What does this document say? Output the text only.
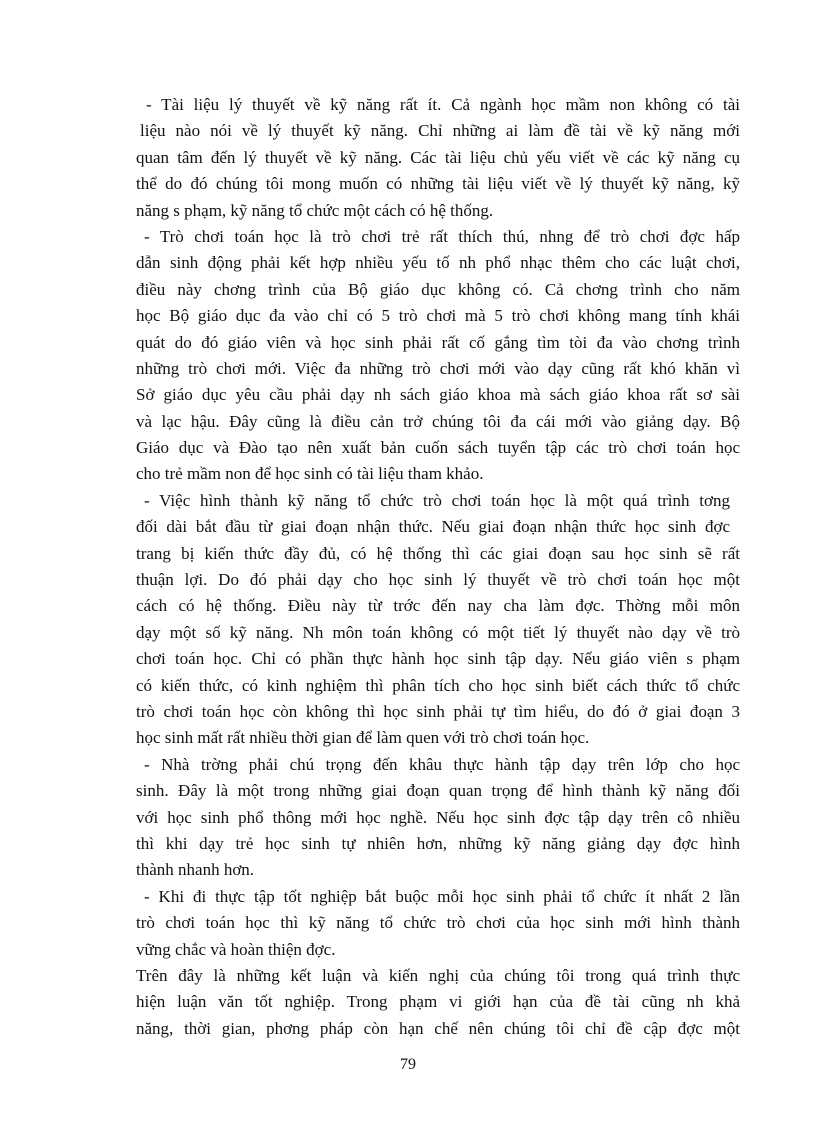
- Tài liệu lý thuyết về kỹ năng rất ít. Cả ngành học mầm non không có tài
liệu nào nói về lý thuyết kỹ năng. Chỉ những ai làm đề tài về kỹ năng mới
quan tâm đến lý thuyết về kỹ năng. Các tài liệu chủ yếu viết về các kỹ năng cụ
thể do đó chúng tôi mong muốn có những tài liệu viết về lý thuyết kỹ năng, kỹ
năng s phạm, kỹ năng tổ chức một cách có hệ thống.
- Trò chơi toán học là trò chơi trẻ rất thích thú, nhng để trò chơi đợc hấp
dẫn sinh động phải kết hợp nhiều yếu tố nh phổ nhạc thêm cho các luật chơi,
điều này chơng trình của Bộ giáo dục không có. Cả chơng trình cho năm
học Bộ giáo dục đa vào chỉ có 5 trò chơi mà 5 trò chơi không mang tính khái
quát do đó giáo viên và học sinh phải rất cố gắng tìm tòi đa vào chơng trình
những trò chơi mới. Việc đa những trò chơi mới vào dạy cũng rất khó khăn vì
Sở giáo dục yêu cầu phải dạy nh sách giáo khoa mà sách giáo khoa rất sơ sài
và lạc hậu. Đây cũng là điều cản trở chúng tôi đa cái mới vào giảng dạy. Bộ
Giáo dục và Đào tạo nên xuất bản cuốn sách tuyển tập các trò chơi toán học
cho trẻ mầm non để học sinh có tài liệu tham khảo.
- Việc hình thành kỹ năng tổ chức trò chơi toán học là một quá trình tơng
đối dài bắt đầu từ giai đoạn nhận thức. Nếu giai đoạn nhận thức học sinh đợc
trang bị kiến thức đầy đủ, có hệ thống thì các giai đoạn sau học sinh sẽ rất
thuận lợi. Do đó phải dạy cho học sinh lý thuyết về trò chơi toán học một
cách có hệ thống. Điều này từ trớc đến nay cha làm đợc. Thờng mỗi môn
dạy một số kỹ năng. Nh môn toán không có một tiết lý thuyết nào dạy về trò
chơi toán học. Chỉ có phần thực hành học sinh tập dạy. Nếu giáo viên s phạm
có kiến thức, có kinh nghiệm thì phân tích cho học sinh biết cách thức tổ chức
trò chơi toán học còn không thì học sinh phải tự tìm hiểu, do đó ở giai đoạn 3
học sinh mất rất nhiều thời gian để làm quen với trò chơi toán học.
- Nhà trờng phải chú trọng đến khâu thực hành tập dạy trên lớp cho học
sinh. Đây là một trong những giai đoạn quan trọng để hình thành kỹ năng đối
với học sinh phổ thông mới học nghề. Nếu học sinh đợc tập dạy trên cô nhiều
thì khi dạy trẻ học sinh tự nhiên hơn, những kỹ năng giảng dạy đợc hình
thành nhanh hơn.
- Khi đi thực tập tốt nghiệp bắt buộc mỗi học sinh phải tổ chức ít nhất 2 lần
trò chơi toán học thì kỹ năng tổ chức trò chơi của học sinh mới hình thành
vững chắc và hoàn thiện đợc.
Trên đây là những kết luận và kiến nghị của chúng tôi trong quá trình thực
hiện luận văn tốt nghiệp. Trong phạm vi giới hạn của đề tài cũng nh khả
năng, thời gian, phơng pháp còn hạn chế nên chúng tôi chỉ đề cập đợc một
79
